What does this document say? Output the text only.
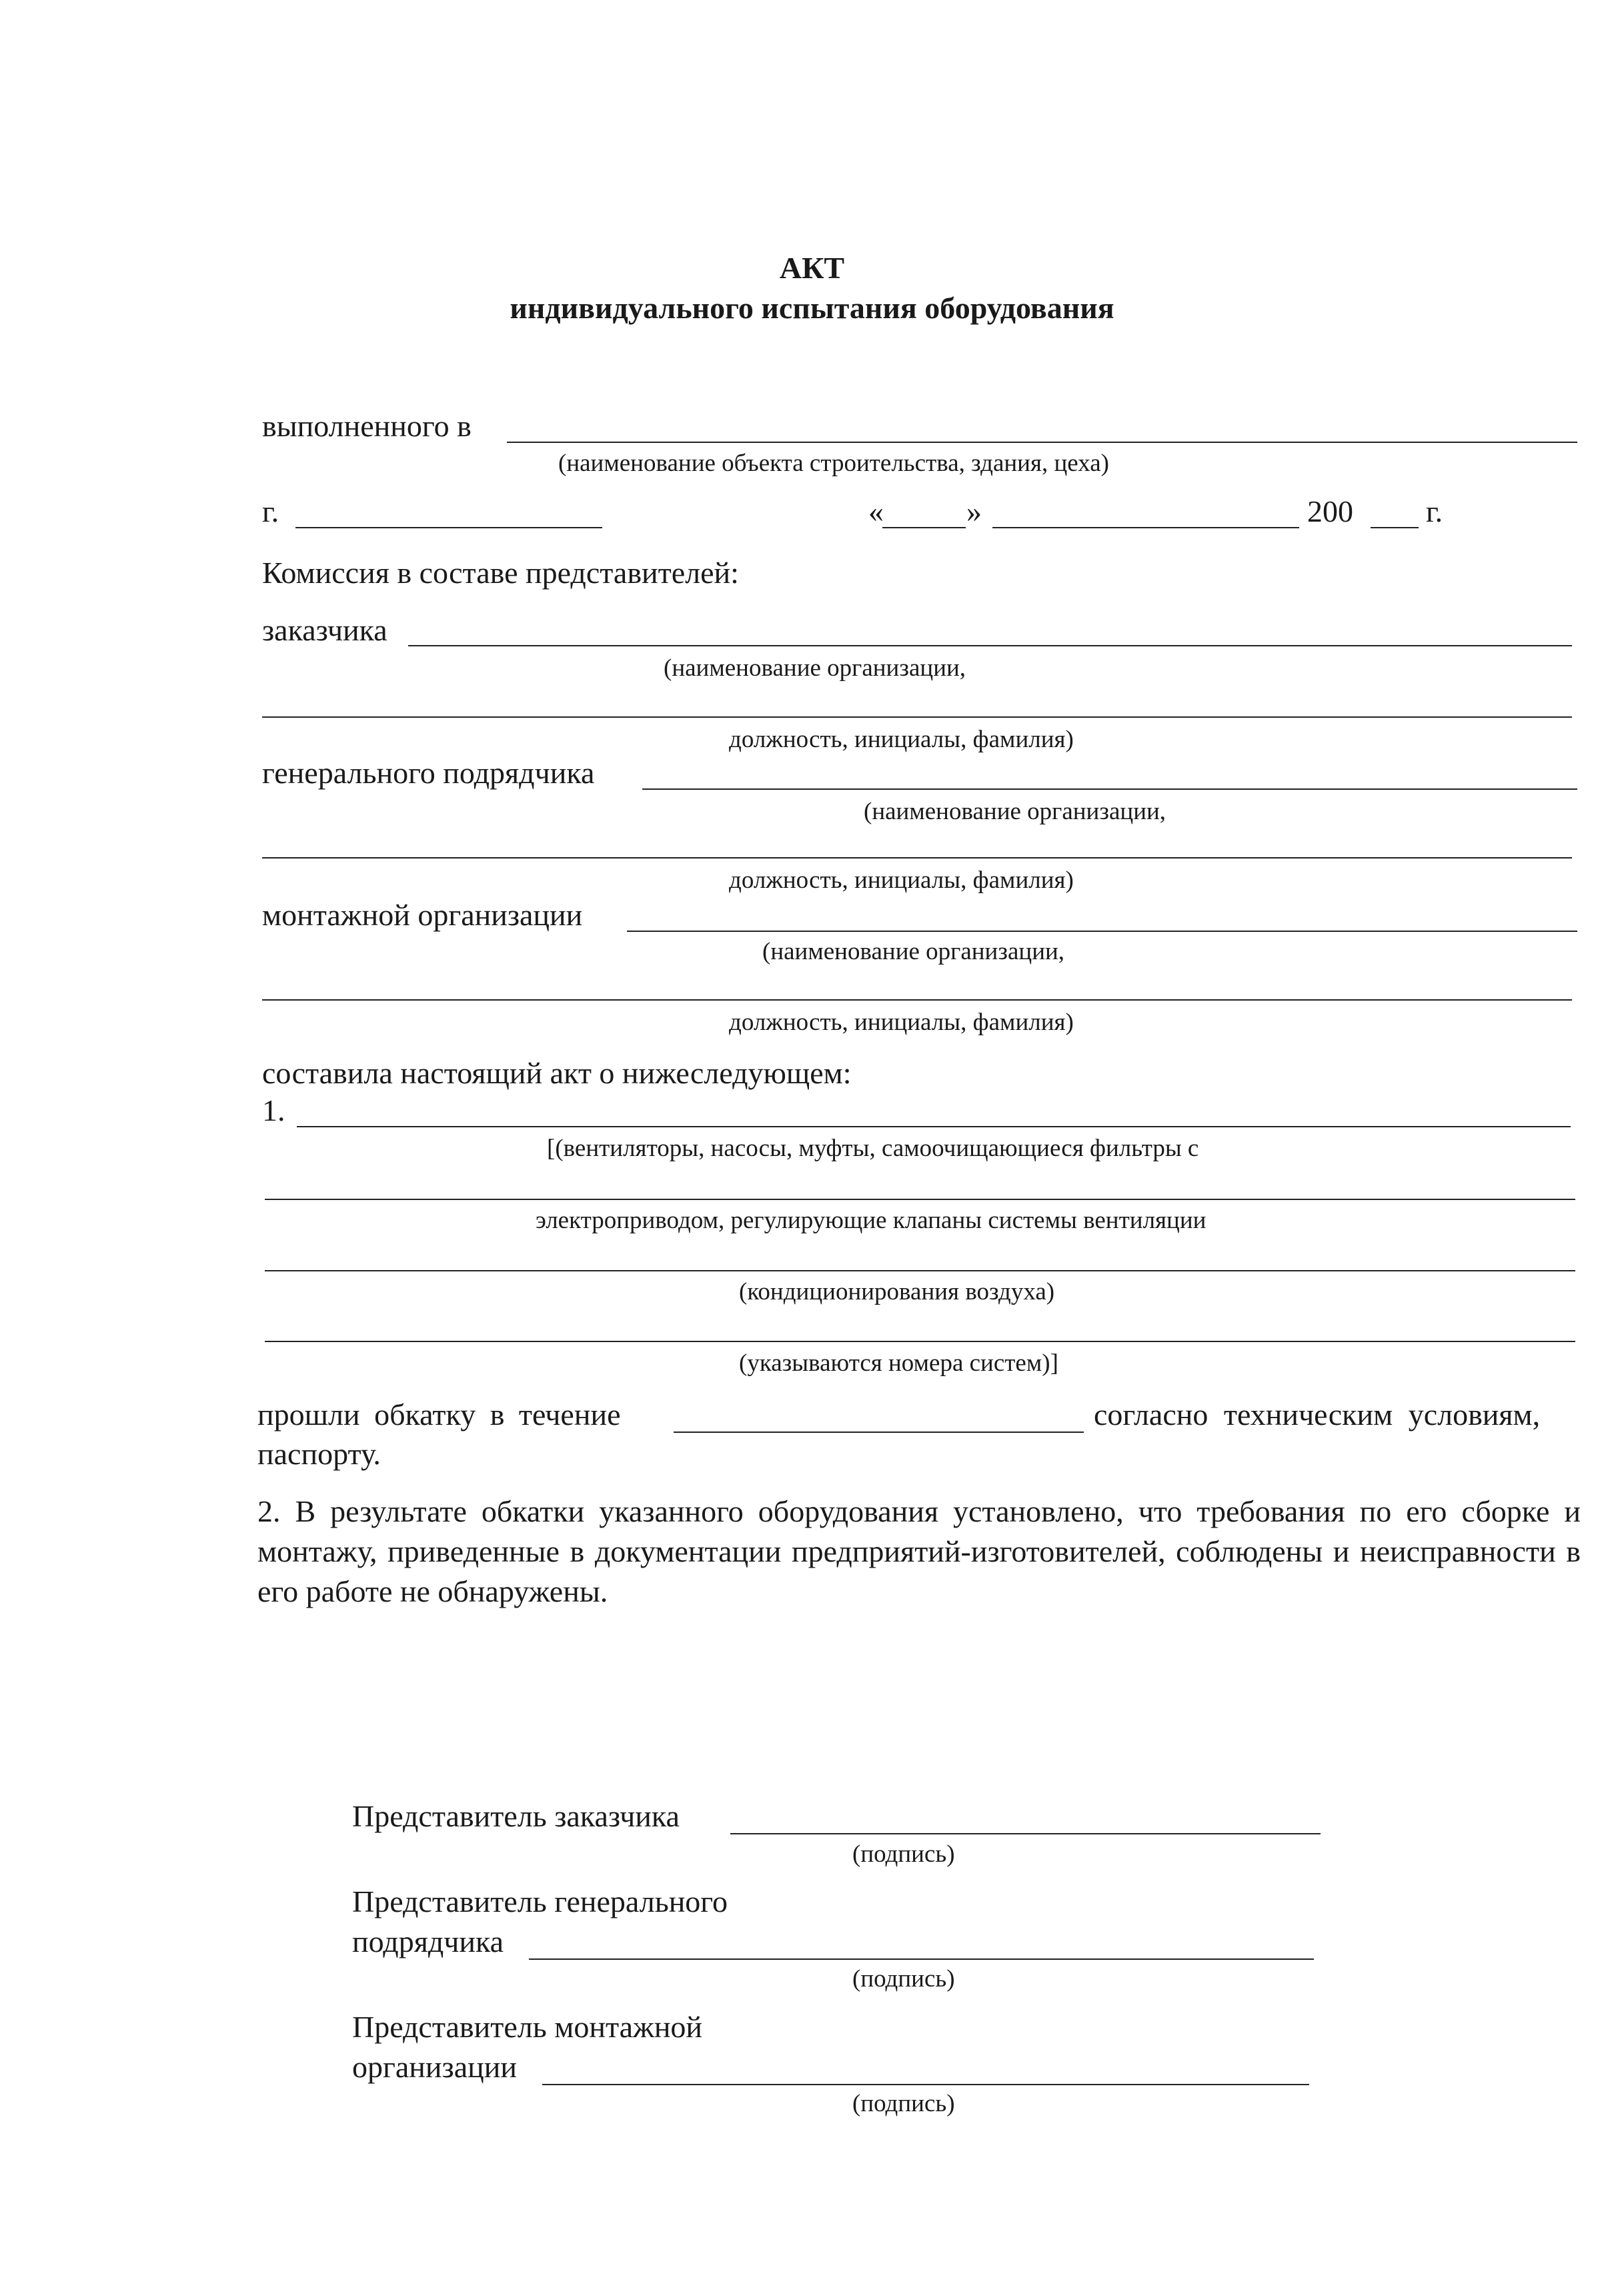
АКТ
индивидуального испытания оборудования
выполненного в
(наименование объекта строительства, здания, цеха)
г.	«	»	200 г.
Комиссия в составе представителей:
заказчика
(наименование организации,
должность, инициалы, фамилия)
генерального подрядчика
(наименование организации,
должность, инициалы, фамилия)
монтажной организации
(наименование организации,
должность, инициалы, фамилия)
составила настоящий акт о нижеследующем:
1.
[(вентиляторы, насосы, муфты, самоочищающиеся фильтры с
электроприводом, регулирующие клапаны системы вентиляции
(кондиционирования воздуха)
(указываются номера систем)]
прошли обкатку в течение	согласно техническим условиям,
паспорту.
2. В результате обкатки указанного оборудования установлено, что требования по его сборке и монтажу, приведенные в документации предприятий-изготовителей, соблюдены и неисправности в его работе не обнаружены.
Представитель заказчика
(подпись)
Представитель генерального
подрядчика
(подпись)
Представитель монтажной
организации
(подпись)
